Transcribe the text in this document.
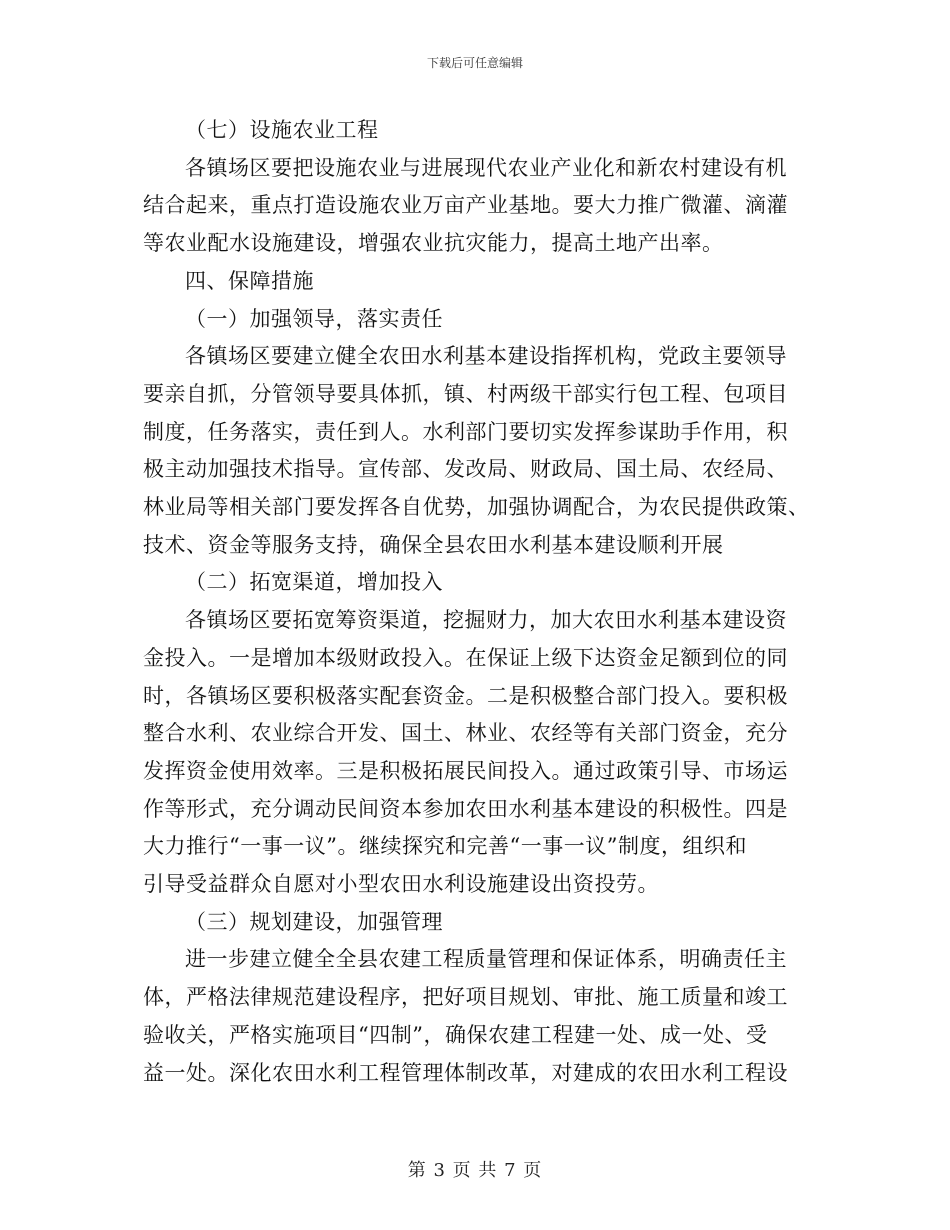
下载后可任意编辑
（七）设施农业工程
各镇场区要把设施农业与进展现代农业产业化和新农村建设有机
结合起来，重点打造设施农业万亩产业基地。要大力推广微灌、滴灌
等农业配水设施建设，增强农业抗灾能力，提高土地产出率。
四、保障措施
（一）加强领导，落实责任
各镇场区要建立健全农田水利基本建设指挥机构，党政主要领导
要亲自抓，分管领导要具体抓，镇、村两级干部实行包工程、包项目
制度，任务落实，责任到人。水利部门要切实发挥参谋助手作用，积
极主动加强技术指导。宣传部、发改局、财政局、国土局、农经局、
林业局等相关部门要发挥各自优势，加强协调配合，为农民提供政策、
技术、资金等服务支持，确保全县农田水利基本建设顺利开展
（二）拓宽渠道，增加投入
各镇场区要拓宽筹资渠道，挖掘财力，加大农田水利基本建设资
金投入。一是增加本级财政投入。在保证上级下达资金足额到位的同
时，各镇场区要积极落实配套资金。二是积极整合部门投入。要积极
整合水利、农业综合开发、国土、林业、农经等有关部门资金，充分
发挥资金使用效率。三是积极拓展民间投入。通过政策引导、市场运
作等形式，充分调动民间资本参加农田水利基本建设的积极性。四是
大力推行“一事一议”。继续探究和完善“一事一议”制度，组织和
引导受益群众自愿对小型农田水利设施建设出资投劳。
（三）规划建设，加强管理
进一步建立健全全县农建工程质量管理和保证体系，明确责任主
体，严格法律规范建设程序，把好项目规划、审批、施工质量和竣工
验收关，严格实施项目“四制”，确保农建工程建一处、成一处、受
益一处。深化农田水利工程管理体制改革，对建成的农田水利工程设
第 3 页 共 7 页
